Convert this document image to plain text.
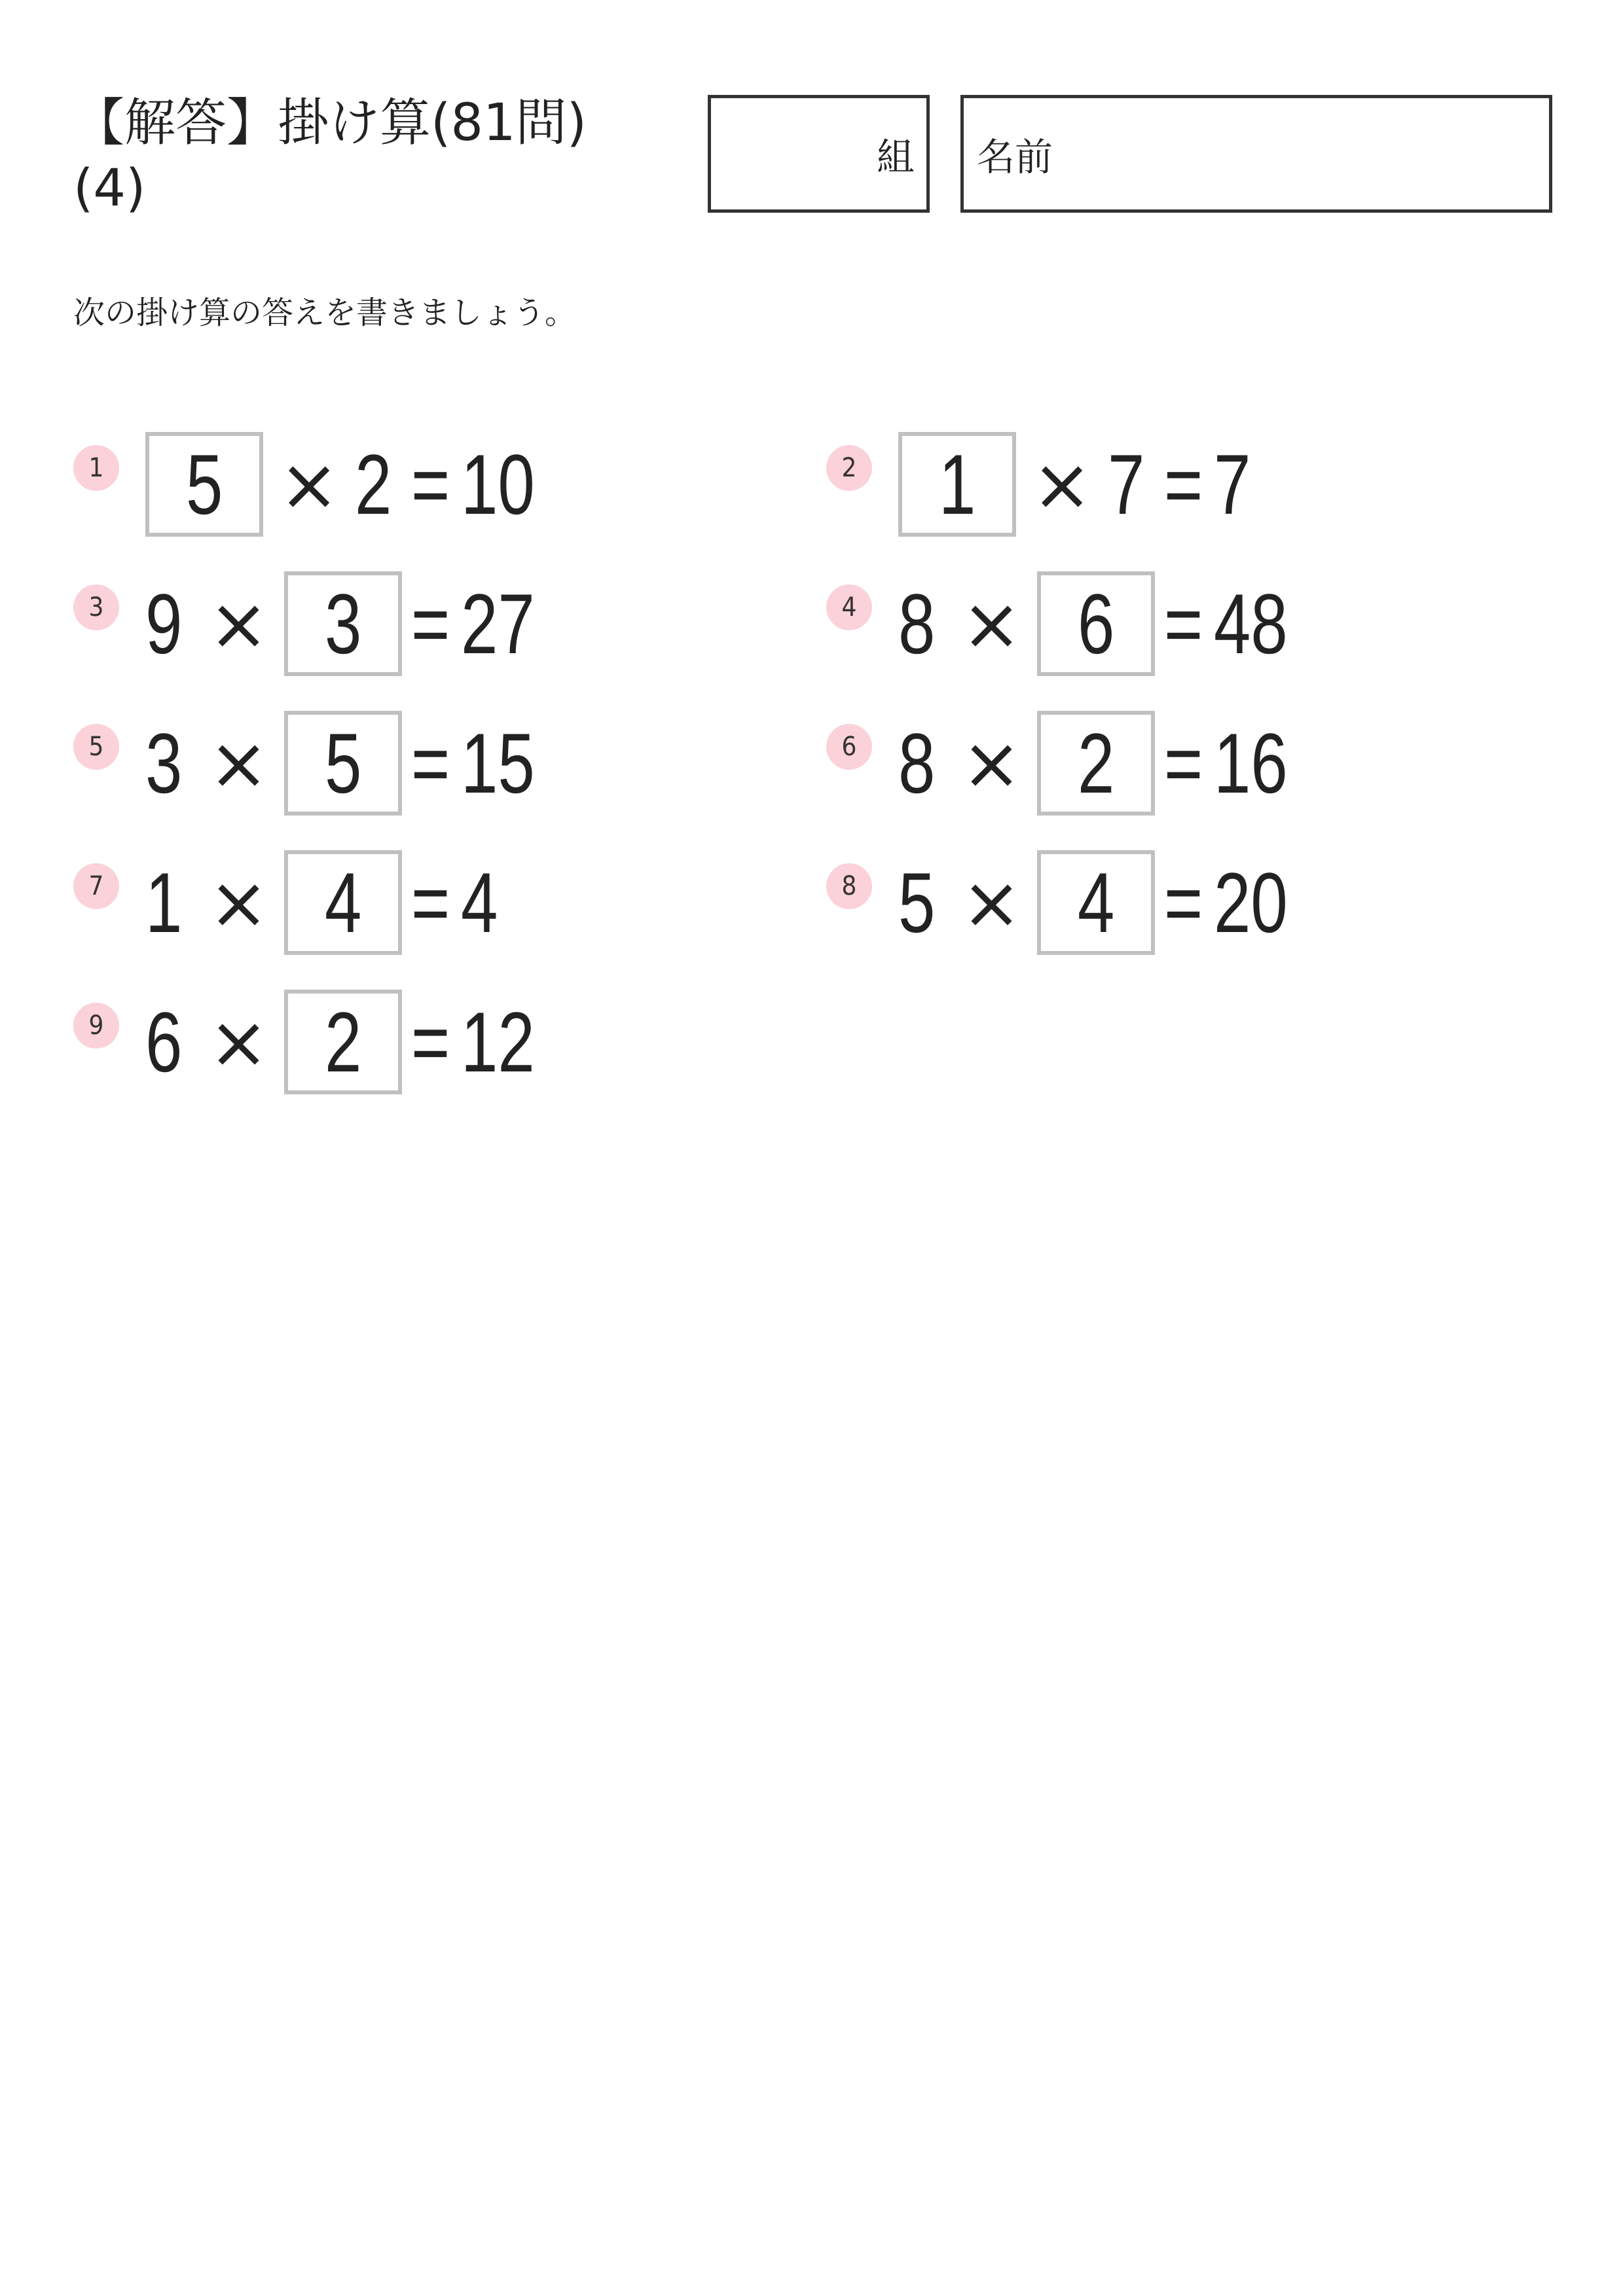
【解答】掛け算(81問)
(4)
組 名前
次の掛け算の答えを書きましょう。
1 5 × 2 = 10	2 1 × 7 = 7
3 9 × 3 = 27	4 8 × 6 = 48
5 3 × 5 = 15	6 8 × 2 = 16
7 1 × 4 = 4	8 5 × 4 = 20
9 6 × 2 = 12
